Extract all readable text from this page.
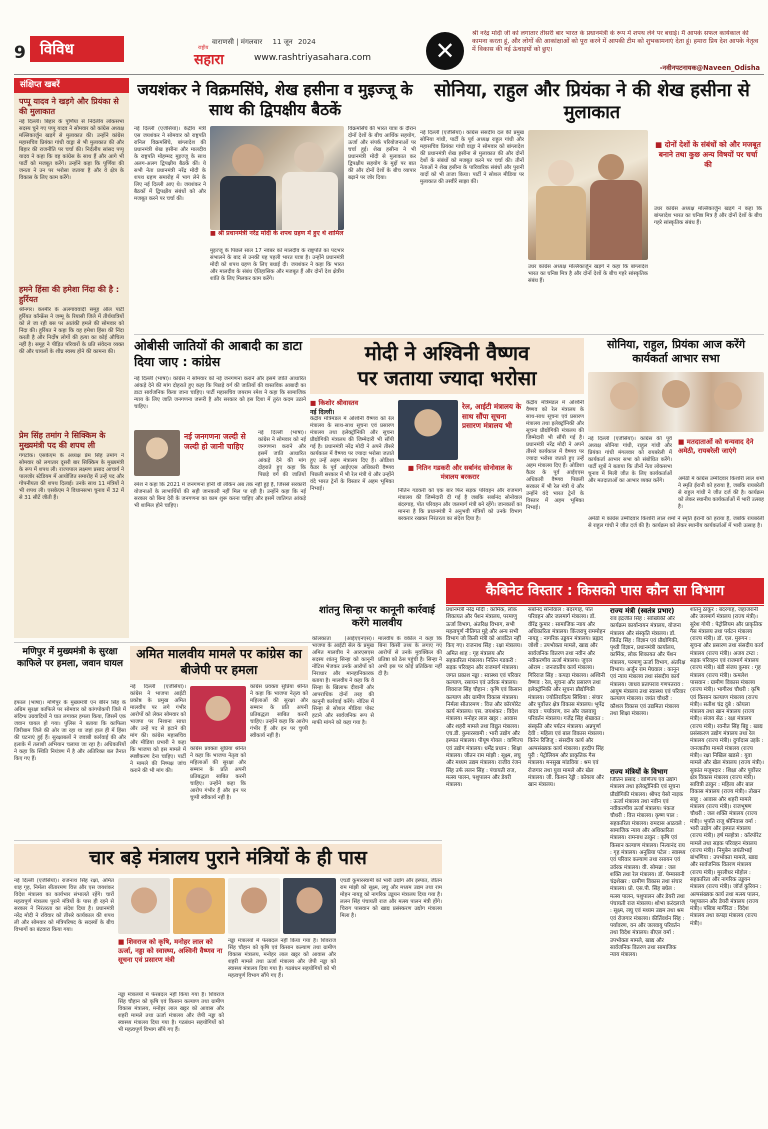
9 विविध	वाराणसी | मंगलवार 11 जून 2024
राष्ट्रीय
सहारा	www.rashtriyasahara.com	✕
श्री नरेंद्र मोदी जी को लगातार तीसरी बार भारत के प्रधानमंत्री के रूप में शपथ लेने पर बधाई। मैं आपके सफल कार्यकाल की कामना करता हूं, और लोगों की आकांक्षाओं को पूरा करने में आपकी टीम को शुभकामनाएं देता हूं। हमारा प्रिय देश आपके नेतृत्व में विकास की नई ऊंचाइयों को छुए।
-नवीनपटनायक@Naveen_Odisha
संक्षिप्त खबरें
पप्पू यादव ने खड़गे और प्रियंका से की मुलाकात
नई दिल्ली। बिहार के पूर्णिया से निर्दलीय लोकसभा सदस्य चुने गए पप्पू यादव ने सोमवार को कांग्रेस अध्यक्ष मल्लिकार्जुन खड़गे से मुलाकात की। उन्होंने कांग्रेस महासचिव प्रियंका गांधी वाड्रा से भी मुलाकात की और बिहार की राजनीति पर चर्चा की। निर्दलीय सांसद पप्पू यादव ने कहा कि वह कांग्रेस के साथ हैं और आगे भी पार्टी को मजबूत करेंगे। उन्होंने कहा कि पूर्णिया की जनता ने उन पर भरोसा जताया है और वे क्षेत्र के विकास के लिए काम करेंगे।
हमने हिंसा की हमेशा निंदा की है : हुर्रियत
श्रीनगर। कश्मीर के अलगाववादी समूह ऑल पार्टी हुर्रियत कॉन्फ्रेंस ने जम्मू के रियासी जिले में तीर्थयात्रियों को ले जा रही बस पर आतंकी हमले की सोमवार को निंदा की। हुर्रियत ने कहा कि वह हमेशा हिंसा की निंदा करती है और निर्दोष लोगों की हत्या का कोई औचित्य नहीं है। समूह ने पीड़ित परिवारों के प्रति संवेदना व्यक्त की और घायलों के शीघ्र स्वस्थ होने की कामना की।
प्रेम सिंह तमांग ने सिक्किम के मुख्यमंत्री पद की शपथ ली
गंगटोक। एसकेएम के अध्यक्ष प्रेम सिंह तमांग ने सोमवार को लगातार दूसरी बार सिक्किम के मुख्यमंत्री के रूप में शपथ ली। राज्यपाल लक्ष्मण प्रसाद आचार्य ने पालजोर स्टेडियम में आयोजित समारोह में उन्हें पद और गोपनीयता की शपथ दिलाई। उनके साथ 11 मंत्रियों ने भी शपथ ली। एसकेएम ने विधानसभा चुनाव में 32 में से 31 सीटें जीती हैं।
जयशंकर ने विक्रमसिंघे, शेख हसीना व मुइज्जू के साथ की द्विपक्षीय बैठकें
नई दिल्ली (एजेंसियां)। केंद्रीय मंत्री एस जयशंकर ने सोमवार को राष्ट्रपति रानिल विक्रमसिंघे, बांग्लादेश की प्रधानमंत्री शेख हसीना और मालदीव के राष्ट्रपति मोहम्मद मुइज्जू के साथ अलग-अलग द्विपक्षीय बैठकें कीं। ये सभी नेता प्रधानमंत्री नरेंद्र मोदी के शपथ ग्रहण समारोह में भाग लेने के लिए नई दिल्ली आए थे। जयशंकर ने बैठकों में द्विपक्षीय संबंधों को और मजबूत करने पर चर्चा की।
■ श्री प्रधानमंत्री नरेंद्र मोदी के शपथ ग्रहण में हुए थे शामिल
मुइज्जू के पिछले साल 17 नवंबर को मालदीव के राष्ट्रपति का पदभार संभालने के बाद से उनकी यह पहली भारत यात्रा है। उन्होंने प्रधानमंत्री मोदी को शपथ ग्रहण के लिए बधाई दी। जयशंकर ने कहा कि भारत और मालदीव के संबंध ऐतिहासिक और मजबूत हैं और दोनों देश क्षेत्रीय शांति के लिए मिलकर काम करेंगे।
विक्रमसिंघे की भारत यात्रा के दौरान दोनों देशों के बीच आर्थिक सहयोग, ऊर्जा और संपर्क परियोजनाओं पर चर्चा हुई। शेख हसीना ने भी प्रधानमंत्री मोदी से मुलाकात कर द्विपक्षीय सहयोग के मुद्दों पर बात की और दोनों देशों के बीच व्यापार बढ़ाने पर जोर दिया।
सोनिया, राहुल और प्रियंका ने की शेख हसीना से मुलाकात
नई दिल्ली (एजेंसियां)। कांग्रेस संसदीय दल की प्रमुख सोनिया गांधी, पार्टी के पूर्व अध्यक्ष राहुल गांधी और महासचिव प्रियंका गांधी वाड्रा ने सोमवार को बांग्लादेश की प्रधानमंत्री शेख हसीना से मुलाकात की और दोनों देशों के संबंधों को मजबूत करने पर चर्चा की। तीनों नेताओं ने शेख हसीना के पारिवारिक संबंधों और पुरानी यादों को भी ताजा किया। पार्टी ने सोशल मीडिया पर मुलाकात की तस्वीरें साझा कीं।
उधर कांग्रेस अध्यक्ष मल्लिकार्जुन खड़गे ने कहा कि बांग्लादेश भारत का घनिष्ठ मित्र है और दोनों देशों के बीच गहरे सांस्कृतिक संबंध हैं।
■ दोनों देशों के संबंधों को और मजबूत बनाने तथा कुछ अन्य विषयों पर चर्चा की
उधर कांग्रेस अध्यक्ष मल्लिकार्जुन खड़गे ने कहा कि बांग्लादेश भारत का घनिष्ठ मित्र है और दोनों देशों के बीच गहरे सांस्कृतिक संबंध हैं।
ओबीसी जातियों की आबादी का डाटा दिया जाए : कांग्रेस
नई दिल्ली (भाषा)। कांग्रेस ने सोमवार को नई जनगणना कराने और इसमें जाति आधारित आंकड़े देने की मांग दोहराते हुए कहा कि पिछड़े वर्ग की जातियों की वास्तविक आबादी का डाटा सार्वजनिक किया जाना चाहिए। पार्टी महासचिव जयराम रमेश ने कहा कि सामाजिक न्याय के लिए जाति जनगणना जरूरी है और सरकार को इस दिशा में तुरंत कदम उठाने चाहिए।
नई जनगणना जल्दी से जल्दी हो जानी चाहिए
नई दिल्ली (भाषा)। कांग्रेस ने सोमवार को नई जनगणना कराने और इसमें जाति आधारित आंकड़े देने की मांग दोहराते हुए कहा कि पिछड़े वर्ग की जातियों
रमेश ने कहा कि 2021 में जनगणना होनी थी लेकिन अब तक नहीं हुई है, जिससे सरकारी योजनाओं के लाभार्थियों की सही जानकारी नहीं मिल पा रही है। उन्होंने कहा कि नई सरकार को बिना देरी के जनगणना का काम शुरू करना चाहिए और इसमें जातिगत आंकड़े भी शामिल होने चाहिए।
मोदी ने अश्विनी वैष्णव
पर जताया ज्यादा भरोसा
■ किशोर श्रीवास्तव
नई दिल्ली।
केंद्रीय मंत्रिमंडल में अश्विनी वैष्णव को रेल मंत्रालय के साथ-साथ सूचना एवं प्रसारण मंत्रालय तथा इलेक्ट्रॉनिकी और सूचना प्रौद्योगिकी मंत्रालय की जिम्मेदारी भी सौंपी गई है। प्रधानमंत्री नरेंद्र मोदी ने अपने तीसरे कार्यकाल में वैष्णव पर ज्यादा भरोसा जताते हुए उन्हें अहम मंत्रालय दिए हैं। ओडिशा कैडर के पूर्व आईएएस अधिकारी वैष्णव पिछली सरकार में भी रेल मंत्री थे और उन्होंने वंदे भारत ट्रेनों के विस्तार में अहम भूमिका निभाई।
रेल, आईटी मंत्रालय के साथ सौंपा सूचना प्रसारण मंत्रालय भी
■ नितिन गडकरी और सर्बानंद सोनोवाल के मंत्रालय बरकरार
नितिन गडकरी को एक बार फिर सड़क परिवहन और राजमार्ग मंत्रालय की जिम्मेदारी दी गई है जबकि सर्बानंद सोनोवाल बंदरगाह, पोत परिवहन और जलमार्ग मंत्री बने रहेंगे। जानकारों का मानना है कि प्रधानमंत्री ने अनुभवी मंत्रियों को उनके विभाग बरकरार रखकर निरंतरता का संदेश दिया है।
केंद्रीय मंत्रिमंडल में अश्विनी वैष्णव को रेल मंत्रालय के साथ-साथ सूचना एवं प्रसारण मंत्रालय तथा इलेक्ट्रॉनिकी और सूचना प्रौद्योगिकी मंत्रालय की जिम्मेदारी भी सौंपी गई है। प्रधानमंत्री नरेंद्र मोदी ने अपने तीसरे कार्यकाल में वैष्णव पर ज्यादा भरोसा जताते हुए उन्हें अहम मंत्रालय दिए हैं। ओडिशा कैडर के पूर्व आईएएस अधिकारी वैष्णव पिछली सरकार में भी रेल मंत्री थे और उन्होंने वंदे भारत ट्रेनों के विस्तार में अहम भूमिका निभाई।
सोनिया, राहुल, प्रियंका आज करेंगे कार्यकर्ता आभार सभा
नई दिल्ली (एजेंसियां)। कांग्रेस की पूर्व अध्यक्ष सोनिया गांधी, राहुल गांधी और प्रियंका गांधी मंगलवार को रायबरेली में कार्यकर्ता आभार सभा को संबोधित करेंगे। पार्टी सूत्रों ने बताया कि तीनों नेता लोकसभा चुनाव में मिली जीत के लिए कार्यकर्ताओं और मतदाताओं का आभार व्यक्त करेंगे।
■ मतदाताओं को धन्यवाद देने अमेठी, रायबरेली जाएंगे
अमेठी में कांग्रेस उम्मीदवार किशोरी लाल शर्मा ने स्मृति ईरानी को हराया है, जबकि रायबरेली से राहुल गांधी ने जीत दर्ज की है। कार्यक्रम को लेकर स्थानीय कार्यकर्ताओं में भारी उत्साह है।
अमेठी में कांग्रेस उम्मीदवार किशोरी लाल शर्मा ने स्मृति ईरानी को हराया है, जबकि रायबरेली से राहुल गांधी ने जीत दर्ज की है। कार्यक्रम को लेकर स्थानीय कार्यकर्ताओं में भारी उत्साह है।
कैबिनेट विस्तार : किसको पास कौन सा विभाग
प्रधानमंत्री नरेंद्र मोदी : कार्मिक, लोक शिकायत और पेंशन मंत्रालय, परमाणु ऊर्जा विभाग, अंतरिक्ष विभाग, सभी महत्वपूर्ण नीतिगत मुद्दे और अन्य सभी विभाग जो किसी मंत्री को आवंटित नहीं किए गए। राजनाथ सिंह : रक्षा मंत्रालय। अमित शाह : गृह मंत्रालय और सहकारिता मंत्रालय। नितिन गडकरी : सड़क परिवहन और राजमार्ग मंत्रालय। जगत प्रकाश नड्डा : स्वास्थ्य एवं परिवार कल्याण, रसायन एवं उर्वरक मंत्रालय। शिवराज सिंह चौहान : कृषि एवं किसान कल्याण और ग्रामीण विकास मंत्रालय। निर्मला सीतारमण : वित्त और कॉरपोरेट कार्य मंत्रालय। एस. जयशंकर : विदेश मंत्रालय। मनोहर लाल खट्टर : आवास और शहरी मामले तथा विद्युत मंत्रालय। एच.डी. कुमारस्वामी : भारी उद्योग और इस्पात मंत्रालय। पीयूष गोयल : वाणिज्य एवं उद्योग मंत्रालय। धर्मेंद्र प्रधान : शिक्षा मंत्रालय। जीतन राम मांझी : सूक्ष्म, लघु और मध्यम उद्यम मंत्रालय। राजीव रंजन सिंह उर्फ ललन सिंह : पंचायती राज, मत्स्य पालन, पशुपालन और डेयरी मंत्रालय।
सर्बानंद सोनोवाल : बंदरगाह, पोत परिवहन और जलमार्ग मंत्रालय। डॉ. वीरेंद्र कुमार : सामाजिक न्याय और अधिकारिता मंत्रालय। किंजरापु राममोहन नायडू : नागरिक उड्डयन मंत्रालय। प्रह्लाद जोशी : उपभोक्ता मामले, खाद्य और सार्वजनिक वितरण तथा नवीन और नवीकरणीय ऊर्जा मंत्रालय। जुएल ओराम : जनजातीय कार्य मंत्रालय। गिरिराज सिंह : कपड़ा मंत्रालय। अश्विनी वैष्णव : रेल, सूचना और प्रसारण तथा इलेक्ट्रॉनिकी और सूचना प्रौद्योगिकी मंत्रालय। ज्योतिरादित्य सिंधिया : संचार और पूर्वोत्तर क्षेत्र विकास मंत्रालय। भूपेंद्र यादव : पर्यावरण, वन और जलवायु परिवर्तन मंत्रालय। गजेंद्र सिंह शेखावत : संस्कृति और पर्यटन मंत्रालय। अन्नपूर्णा देवी : महिला एवं बाल विकास मंत्रालय। किरेन रिजिजू : संसदीय कार्य और अल्पसंख्यक कार्य मंत्रालय। हरदीप सिंह पुरी : पेट्रोलियम और प्राकृतिक गैस मंत्रालय। मनसुख मांडविया : श्रम एवं रोजगार तथा युवा मामले और खेल मंत्रालय। जी. किशन रेड्डी : कोयला और खान मंत्रालय।
राज्य मंत्री (स्वतंत्र प्रभार)
राव इंद्रजीत सिंह : सांख्यिकी और कार्यक्रम कार्यान्वयन मंत्रालय, योजना मंत्रालय और संस्कृति मंत्रालय। डॉ. जितेंद्र सिंह : विज्ञान एवं प्रौद्योगिकी, पृथ्वी विज्ञान, प्रधानमंत्री कार्यालय, कार्मिक, लोक शिकायत और पेंशन मंत्रालय, परमाणु ऊर्जा विभाग, अंतरिक्ष विभाग। अर्जुन राम मेघवाल : कानून एवं न्याय मंत्रालय तथा संसदीय कार्य मंत्रालय। जाधव प्रतापराव गणपतराव : आयुष मंत्रालय तथा स्वास्थ्य एवं परिवार कल्याण मंत्रालय। जयंत चौधरी : कौशल विकास एवं उद्यमिता मंत्रालय तथा शिक्षा मंत्रालय।
राज्य मंत्रियों के विभाग
जितिन प्रसाद : वाणिज्य एवं उद्योग मंत्रालय तथा इलेक्ट्रॉनिकी एवं सूचना प्रौद्योगिकी मंत्रालय। श्रीपद येसो नाइक : ऊर्जा मंत्रालय तथा नवीन एवं नवीकरणीय ऊर्जा मंत्रालय। पंकज चौधरी : वित्त मंत्रालय। कृष्ण पाल : सहकारिता मंत्रालय। रामदास आठवले : सामाजिक न्याय और अधिकारिता मंत्रालय। रामनाथ ठाकुर : कृषि एवं किसान कल्याण मंत्रालय। नित्यानंद राय : गृह मंत्रालय। अनुप्रिया पटेल : स्वास्थ्य एवं परिवार कल्याण तथा रसायन एवं उर्वरक मंत्रालय। वी. सोमन्ना : जल शक्ति तथा रेल मंत्रालय। डॉ. पेम्मासानी चंद्रशेखर : ग्रामीण विकास तथा संचार मंत्रालय। प्रो. एस.पी. सिंह बघेल : मत्स्य पालन, पशुपालन और डेयरी तथा पंचायती राज मंत्रालय। शोभा करंदलाजे : सूक्ष्म, लघु एवं मध्यम उद्यम तथा श्रम एवं रोजगार मंत्रालय। कीर्तिवर्धन सिंह : पर्यावरण, वन और जलवायु परिवर्तन तथा विदेश मंत्रालय। बीएल वर्मा : उपभोक्ता मामले, खाद्य और सार्वजनिक वितरण तथा सामाजिक न्याय मंत्रालय।
शांतनु ठाकुर : बंदरगाह, जहाजरानी और जलमार्ग मंत्रालय (राज्य मंत्री)। सुरेश गोपी : पेट्रोलियम और प्राकृतिक गैस मंत्रालय तथा पर्यटन मंत्रालय (राज्य मंत्री)। डॉ. एल. मुरुगन : सूचना और प्रसारण तथा संसदीय कार्य मंत्रालय (राज्य मंत्री)। अजय टम्टा : सड़क परिवहन एवं राजमार्ग मंत्रालय (राज्य मंत्री)। बंडी संजय कुमार : गृह मंत्रालय (राज्य मंत्री)। कमलेश पासवान : ग्रामीण विकास मंत्रालय (राज्य मंत्री)। भागीरथ चौधरी : कृषि एवं किसान कल्याण मंत्रालय (राज्य मंत्री)। सतीश चंद्र दुबे : कोयला मंत्रालय तथा खान मंत्रालय (राज्य मंत्री)। संजय सेठ : रक्षा मंत्रालय (राज्य मंत्री)। रवनीत सिंह बिट्टू : खाद्य प्रसंस्करण उद्योग मंत्रालय तथा रेल मंत्रालय (राज्य मंत्री)। दुर्गादास उइके : जनजातीय मामले मंत्रालय (राज्य मंत्री)। रक्षा निखिल खडसे : युवा मामले और खेल मंत्रालय (राज्य मंत्री)। सुकांत मजूमदार : शिक्षा और पूर्वोत्तर क्षेत्र विकास मंत्रालय (राज्य मंत्री)। सावित्री ठाकुर : महिला और बाल विकास मंत्रालय (राज्य मंत्री)। तोखन साहू : आवास और शहरी मामले मंत्रालय (राज्य मंत्री)। राजभूषण चौधरी : जल शक्ति मंत्रालय (राज्य मंत्री)। भूपति राजू श्रीनिवास वर्मा : भारी उद्योग और इस्पात मंत्रालय (राज्य मंत्री)। हर्ष मल्होत्रा : कॉरपोरेट मामले तथा सड़क परिवहन मंत्रालय (राज्य मंत्री)। निमुबेन जयंतीभाई बांभणिया : उपभोक्ता मामले, खाद्य और सार्वजनिक वितरण मंत्रालय (राज्य मंत्री)। मुरलीधर मोहोल : सहकारिता और नागरिक उड्डयन मंत्रालय (राज्य मंत्री)। जॉर्ज कुरियन : अल्पसंख्यक कार्य तथा मत्स्य पालन, पशुपालन और डेयरी मंत्रालय (राज्य मंत्री)। पबित्रा मार्गेरिटा : विदेश मंत्रालय तथा कपड़ा मंत्रालय (राज्य मंत्री)।
मणिपुर में मुख्यमंत्री के सुरक्षा काफिले पर हमला, जवान घायल
इंफाल (भाषा)। मणिपुर के मुख्यमंत्री एन बीरेन सिंह के अग्रिम सुरक्षा काफिले पर सोमवार को कांगपोकपी जिले में संदिग्ध उग्रवादियों ने घात लगाकर हमला किया, जिसमें एक जवान घायल हो गया। पुलिस ने बताया कि काफिला जिरीबाम जिले की ओर जा रहा था जहां हाल ही में हिंसा की घटनाएं हुई हैं। सुरक्षाबलों ने जवाबी कार्रवाई की और इलाके में तलाशी अभियान चलाया जा रहा है। अधिकारियों ने कहा कि स्थिति नियंत्रण में है और अतिरिक्त बल तैनात किए गए हैं।
अमित मालवीय मामले पर कांग्रेस का बीजेपी पर हमला
नई दिल्ली (एजेंसियां)। कांग्रेस ने भाजपा आईटी प्रकोष्ठ के प्रमुख अमित मालवीय पर लगे गंभीर आरोपों को लेकर सोमवार को भाजपा पर निशाना साधा और उन्हें पद से हटाने की मांग की। कांग्रेस महासचिव और मीडिया प्रभारी ने कहा कि भाजपा को इस मामले में स्पष्टीकरण देना चाहिए। पार्टी ने मामले की निष्पक्ष जांच कराने की भी मांग की।
कांग्रेस प्रवक्ता सुप्रिया श्रीनेत ने कहा कि भाजपा नेतृत्व को महिलाओं की सुरक्षा और सम्मान के प्रति अपनी प्रतिबद्धता साबित करनी चाहिए। उन्होंने कहा कि आरोप गंभीर हैं और इन पर चुप्पी स्वीकार्य नहीं है।
कांग्रेस प्रवक्ता सुप्रिया श्रीनेत ने कहा कि भाजपा नेतृत्व को महिलाओं की सुरक्षा और सम्मान के प्रति अपनी प्रतिबद्धता साबित करनी चाहिए। उन्होंने कहा कि आरोप गंभीर हैं और इन पर चुप्पी स्वीकार्य नहीं है।
शांतनु सिन्हा पर कानूनी कार्रवाई करेंगे मालवीय
कोलकाता (आईएएनएस)। भाजपा के आईटी सेल के प्रमुख अमित मालवीय ने आरएसएस सदस्य शांतनु सिन्हा को कानूनी नोटिस भेजकर उनके आरोपों को निराधार और मानहानिकारक बताया है। मालवीय ने कहा कि वे सिन्हा के खिलाफ दीवानी और आपराधिक दोनों तरह की कानूनी कार्रवाई करेंगे। नोटिस में सिन्हा से सोशल मीडिया पोस्ट हटाने और सार्वजनिक रूप से माफी मांगने को कहा गया है।
मालवीय के वकील ने कहा कि बिना किसी तथ्य के लगाए गए आरोपों से उनके मुवक्किल की प्रतिष्ठा को ठेस पहुंची है। सिन्हा ने अभी इस पर कोई प्रतिक्रिया नहीं दी है।
चार बड़े मंत्रालय पुराने मंत्रियों के ही पास
नई दिल्ली (एजेंसियां)। राजनाथ सिंह रक्षा, अमित शाह गृह, निर्मला सीतारमण वित्त और एस जयशंकर विदेश मंत्रालय का कार्यभार संभालते रहेंगे। चारों महत्वपूर्ण मंत्रालय पुराने मंत्रियों के पास ही रहने से सरकार ने निरंतरता का संदेश दिया है। प्रधानमंत्री नरेंद्र मोदी ने रविवार को तीसरे कार्यकाल की शपथ ली और सोमवार को मंत्रिपरिषद के सदस्यों के बीच विभागों का बंटवारा किया गया।
■ शिवराज को कृषि, मनोहर लाल को ऊर्जा, नड्डा को स्वास्थ्य, अश्विनी वैष्णव ना सूचना एवं प्रसारण मंत्री
नड्डा मंत्रालयों में फेरबदल नहीं किया गया है। शिवराज सिंह चौहान को कृषि एवं किसान कल्याण तथा ग्रामीण विकास मंत्रालय, मनोहर लाल खट्टर को आवास और शहरी मामले तथा ऊर्जा मंत्रालय और जेपी नड्डा को स्वास्थ्य मंत्रालय दिया गया है। गठबंधन सहयोगियों को भी महत्वपूर्ण विभाग सौंपे गए हैं।
नड्डा मंत्रालयों में फेरबदल नहीं किया गया है। शिवराज सिंह चौहान को कृषि एवं किसान कल्याण तथा ग्रामीण विकास मंत्रालय, मनोहर लाल खट्टर को आवास और शहरी मामले तथा ऊर्जा मंत्रालय और जेपी नड्डा को स्वास्थ्य मंत्रालय दिया गया है। गठबंधन सहयोगियों को भी महत्वपूर्ण विभाग सौंपे गए हैं।
एचडी कुमारस्वामी को भारी उद्योग और इस्पात, जीतन राम मांझी को सूक्ष्म, लघु और मध्यम उद्यम तथा राम मोहन नायडू को नागरिक उड्डयन मंत्रालय दिया गया है। ललन सिंह पंचायती राज और मत्स्य पालन मंत्री होंगे। चिराग पासवान को खाद्य प्रसंस्करण उद्योग मंत्रालय मिला है।
